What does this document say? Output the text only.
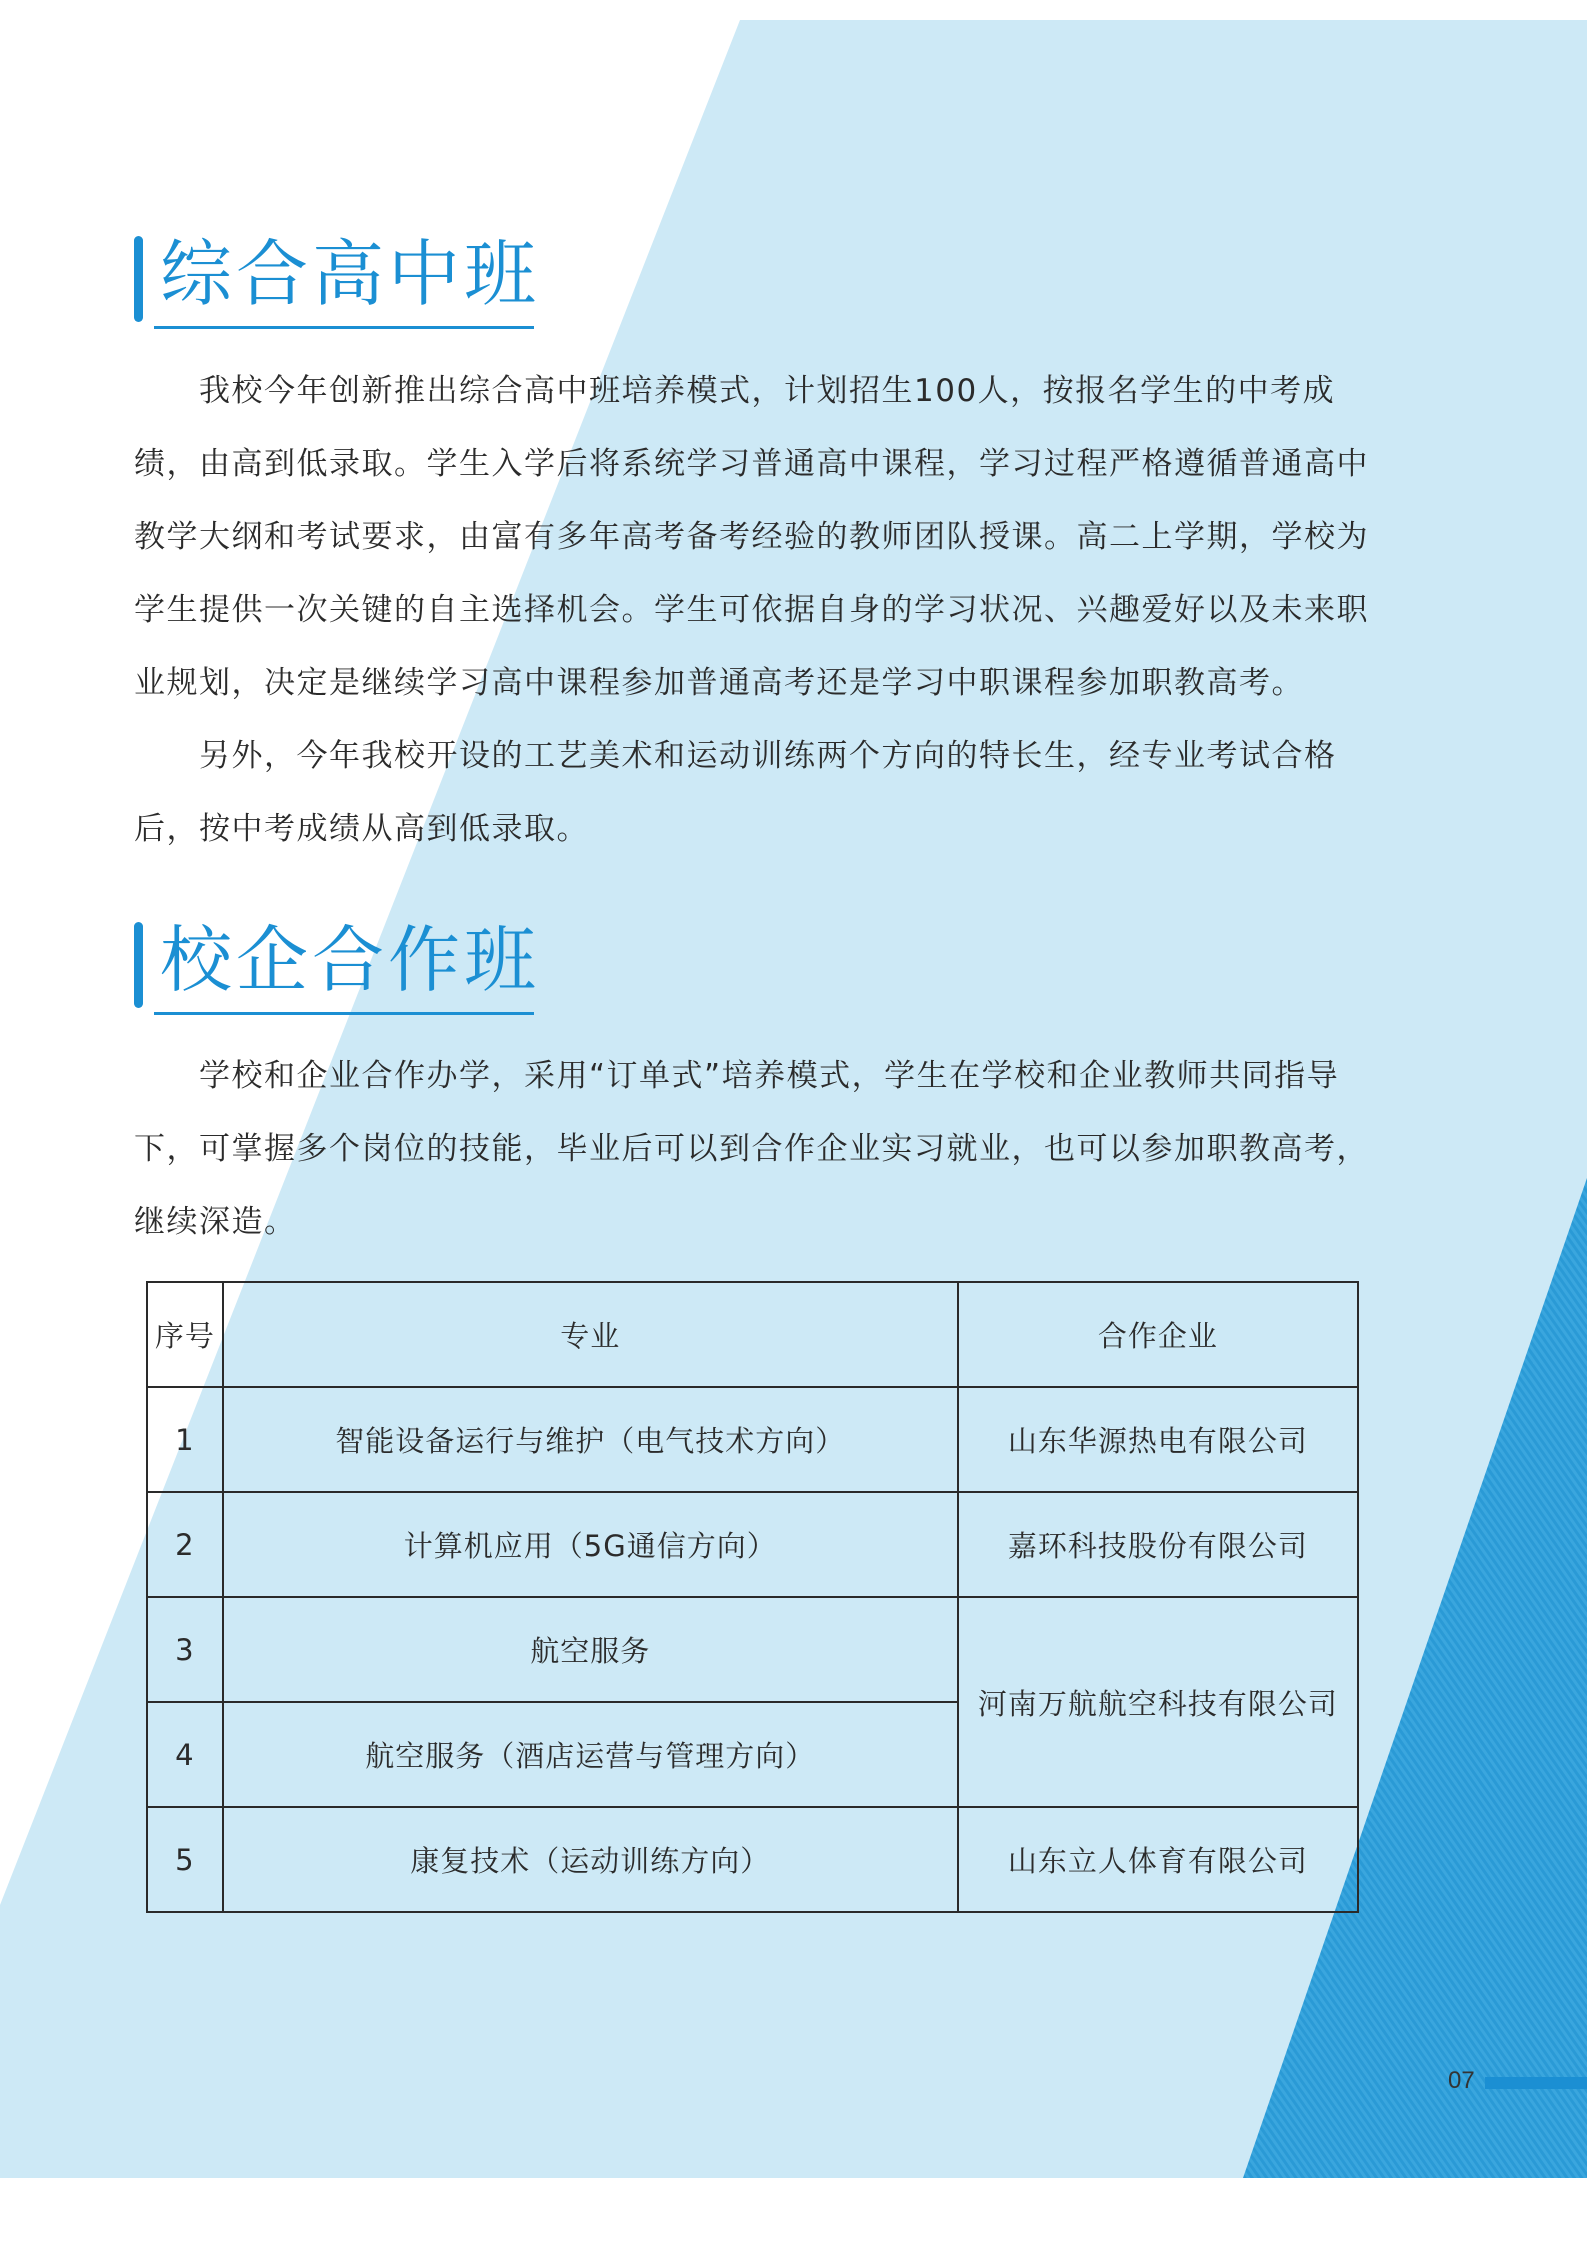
综合高中班
　　我校今年创新推出综合高中班培养模式，计划招生100人，按报名学生的中考成
绩，由高到低录取。学生入学后将系统学习普通高中课程，学习过程严格遵循普通高中
教学大纲和考试要求，由富有多年高考备考经验的教师团队授课。高二上学期，学校为
学生提供一次关键的自主选择机会。学生可依据自身的学习状况、兴趣爱好以及未来职
业规划，决定是继续学习高中课程参加普通高考还是学习中职课程参加职教高考。
　　另外，今年我校开设的工艺美术和运动训练两个方向的特长生，经专业考试合格
后，按中考成绩从高到低录取。
校企合作班
　　学校和企业合作办学，采用“订单式”培养模式，学生在学校和企业教师共同指导
下，可掌握多个岗位的技能，毕业后可以到合作企业实习就业，也可以参加职教高考，
继续深造。
序号	专业	合作企业
1	智能设备运行与维护（电气技术方向）	山东华源热电有限公司
2	计算机应用（5G通信方向）	嘉环科技股份有限公司
3	航空服务	河南万航航空科技有限公司
4	航空服务（酒店运营与管理方向）	
5	康复技术（运动训练方向）	山东立人体育有限公司
07
